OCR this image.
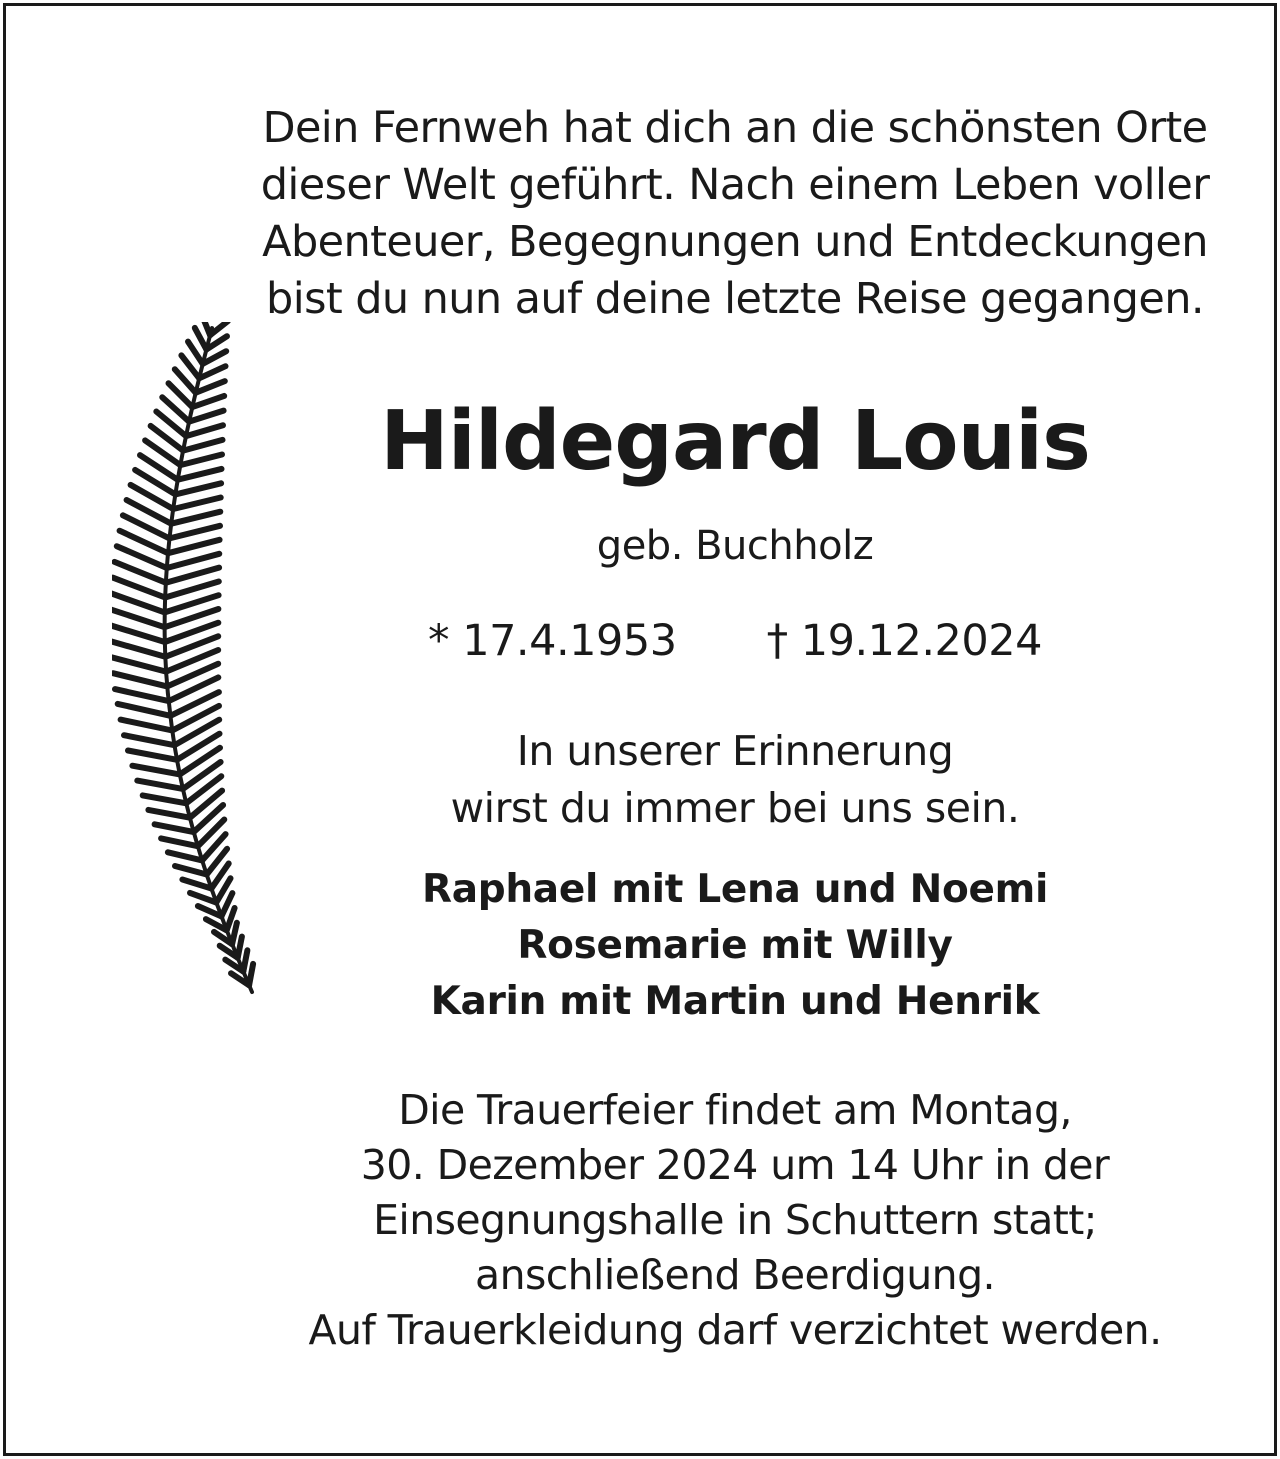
Dein Fernweh hat dich an die schönsten Orte
dieser Welt geführt. Nach einem Leben voller
Abenteuer, Begegnungen und Entdeckungen
bist du nun auf deine letzte Reise gegangen.
Hildegard Louis
geb. Buchholz
* 17.4.1953 † 19.12.2024
In unserer Erinnerung
wirst du immer bei uns sein.
Raphael mit Lena und Noemi
Rosemarie mit Willy
Karin mit Martin und Henrik
Die Trauerfeier findet am Montag,
30. Dezember 2024 um 14 Uhr in der
Einsegnungshalle in Schuttern statt;
anschließend Beerdigung.
Auf Trauerkleidung darf verzichtet werden.
